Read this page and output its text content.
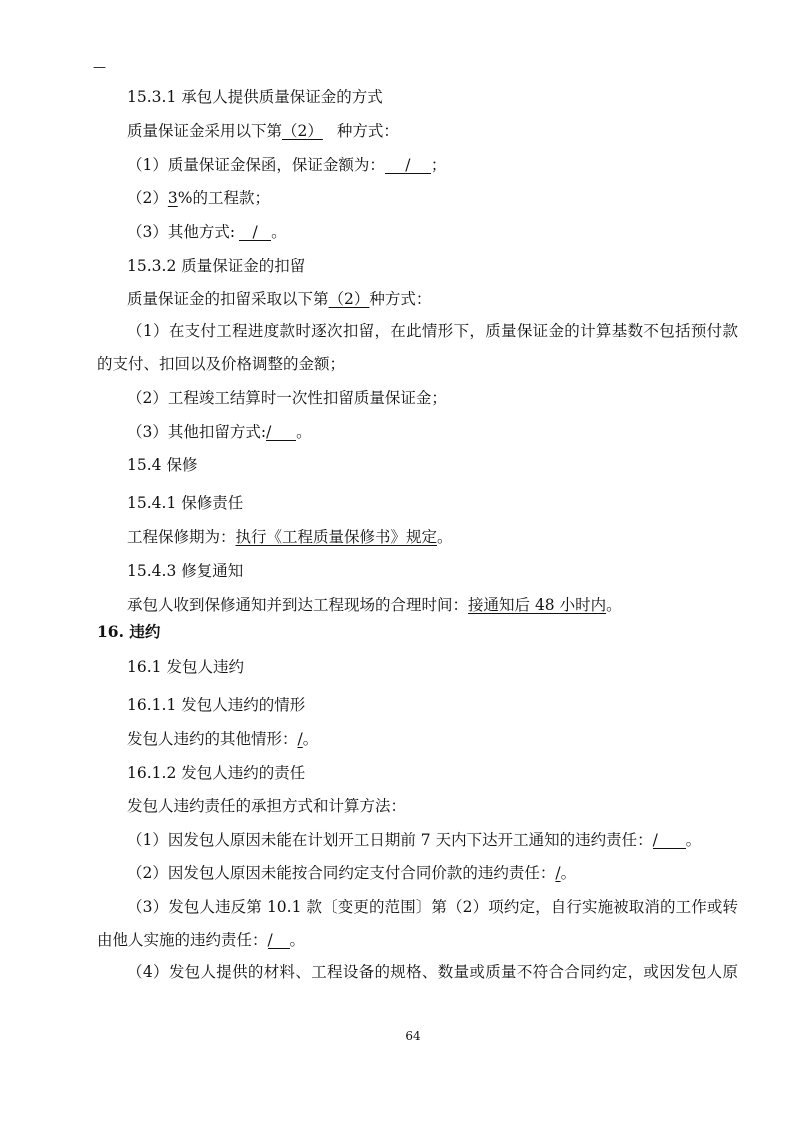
—

15.3.1 承包人提供质量保证金的方式

质量保证金采用以下第（2） 种方式：

（1）质量保证金保函，保证金额为： / ；

（2）3%的工程款；

（3）其他方式: / 。

15.3.2 质量保证金的扣留

质量保证金的扣留采取以下第（2）种方式：

（1）在支付工程进度款时逐次扣留，在此情形下，质量保证金的计算基数不包括预付款

的支付、扣回以及价格调整的金额；

（2）工程竣工结算时一次性扣留质量保证金；

（3）其他扣留方式:/ 。

15.4 保修

15.4.1 保修责任

工程保修期为：执行《工程质量保修书》规定。

15.4.3 修复通知

承包人收到保修通知并到达工程现场的合理时间：接通知后 48 小时内。

16. 违约

16.1 发包人违约

16.1.1 发包人违约的情形

发包人违约的其他情形：/。

16.1.2 发包人违约的责任

发包人违约责任的承担方式和计算方法：

（1）因发包人原因未能在计划开工日期前 7 天内下达开工通知的违约责任：/ 。

（2）因发包人原因未能按合同约定支付合同价款的违约责任：/。

（3）发包人违反第 10.1 款〔变更的范围〕第（2）项约定，自行实施被取消的工作或转

由他人实施的违约责任：/ 。

（4）发包人提供的材料、工程设备的规格、数量或质量不符合合同约定，或因发包人原

64
